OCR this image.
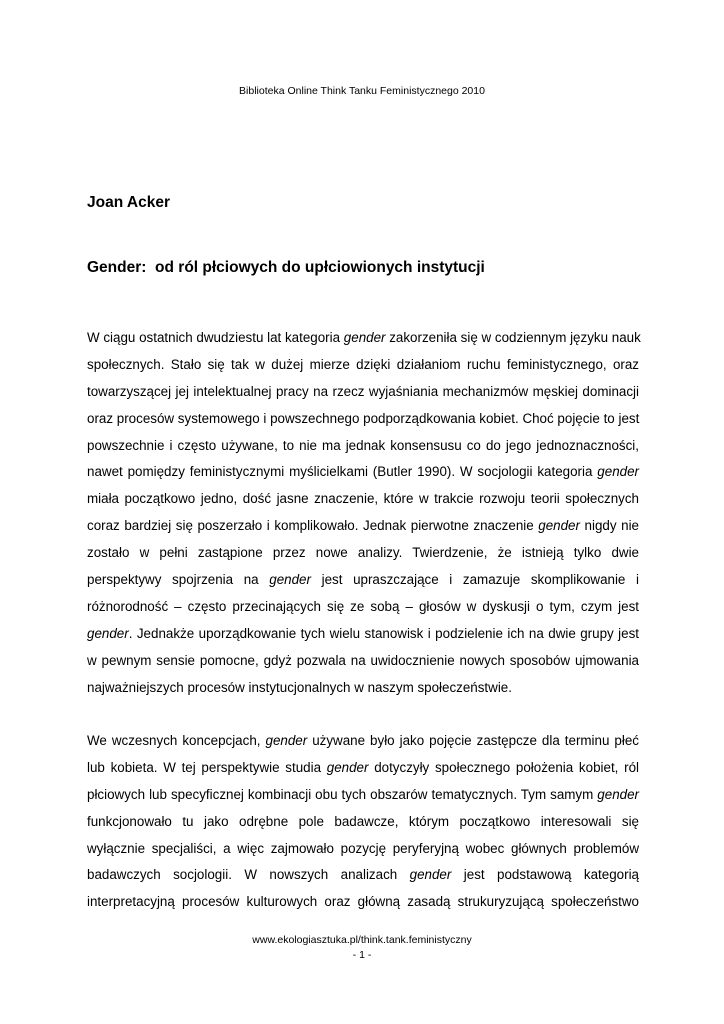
Biblioteka Online Think Tanku Feministycznego 2010
Joan Acker
Gender:  od ról płciowych do upłciowionych instytucji
W ciągu ostatnich dwudziestu lat kategoria gender zakorzeniła się w codziennym języku nauk
społecznych. Stało się tak w dużej mierze dzięki działaniom ruchu feministycznego, oraz
towarzyszącej jej intelektualnej pracy na rzecz wyjaśniania mechanizmów męskiej dominacji
oraz procesów systemowego i powszechnego podporządkowania kobiet. Choć pojęcie to jest
powszechnie i często używane, to nie ma jednak konsensusu co do jego jednoznaczności,
nawet pomiędzy feministycznymi myślicielkami (Butler 1990). W socjologii kategoria gender
miała początkowo jedno, dość jasne znaczenie, które w trakcie rozwoju teorii społecznych
coraz bardziej się poszerzało i komplikowało. Jednak pierwotne znaczenie gender nigdy nie
zostało w pełni zastąpione przez nowe analizy. Twierdzenie, że istnieją tylko dwie
perspektywy spojrzenia na gender jest upraszczające i zamazuje skomplikowanie i
różnorodność – często przecinających się ze sobą – głosów w dyskusji o tym, czym jest
gender. Jednakże uporządkowanie tych wielu stanowisk i podzielenie ich na dwie grupy jest
w pewnym sensie pomocne, gdyż pozwala na uwidocznienie nowych sposobów ujmowania
najważniejszych procesów instytucjonalnych w naszym społeczeństwie.
We wczesnych koncepcjach, gender używane było jako pojęcie zastępcze dla terminu płeć
lub kobieta. W tej perspektywie studia gender dotyczyły społecznego położenia kobiet, ról
płciowych lub specyficznej kombinacji obu tych obszarów tematycznych. Tym samym gender
funkcjonowało tu jako odrębne pole badawcze, którym początkowo interesowali się
wyłącznie specjaliści, a więc zajmowało pozycję peryferyjną wobec głównych problemów
badawczych socjologii. W nowszych analizach gender jest podstawową kategorią
interpretacyjną procesów kulturowych oraz główną zasadą strukuryzującą społeczeństwo
www.ekologiasztuka.pl/think.tank.feministyczny
- 1 -
